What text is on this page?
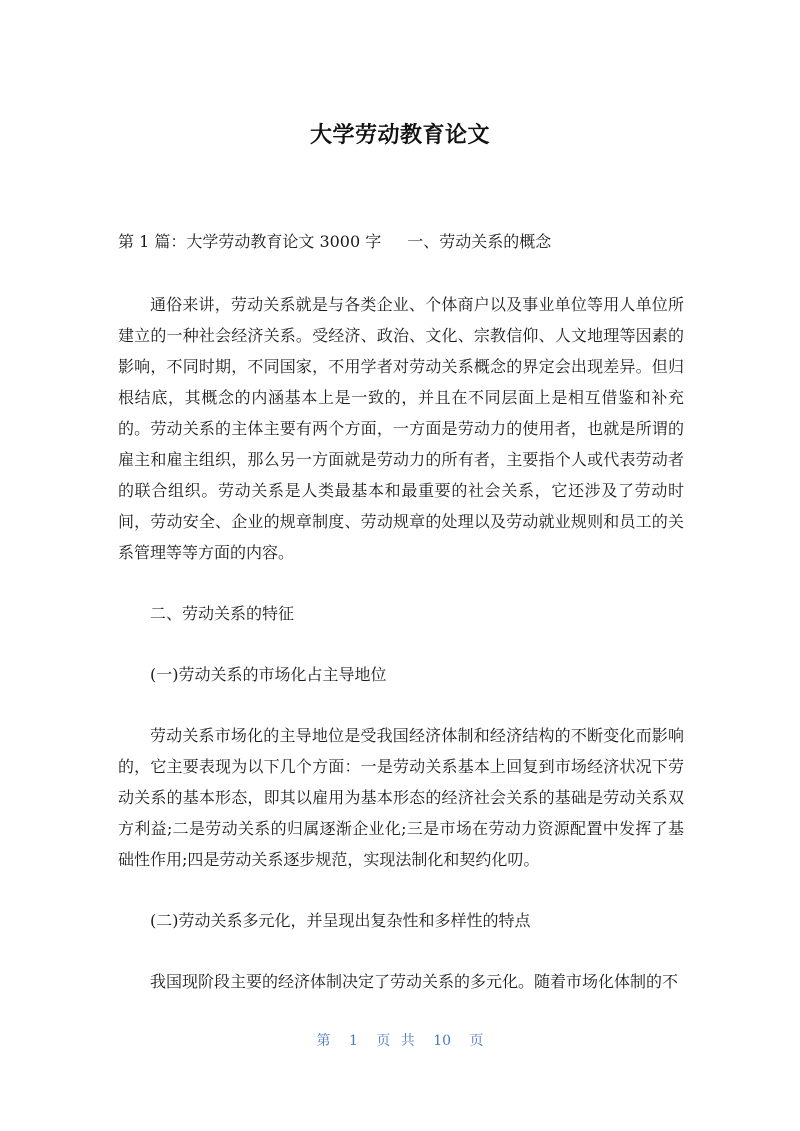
大学劳动教育论文

第 1 篇：大学劳动教育论文 3000 字 一、劳动关系的概念

通俗来讲，劳动关系就是与各类企业、个体商户以及事业单位等用人单位所建立的一种社会经济关系。受经济、政治、文化、宗教信仰、人文地理等因素的影响，不同时期，不同国家，不用学者对劳动关系概念的界定会出现差异。但归根结底，其概念的内涵基本上是一致的，并且在不同层面上是相互借鉴和补充的。劳动关系的主体主要有两个方面，一方面是劳动力的使用者，也就是所谓的雇主和雇主组织，那么另一方面就是劳动力的所有者，主要指个人或代表劳动者的联合组织。劳动关系是人类最基本和最重要的社会关系，它还涉及了劳动时间，劳动安全、企业的规章制度、劳动规章的处理以及劳动就业规则和员工的关系管理等等方面的内容。

二、劳动关系的特征

(一)劳动关系的市场化占主导地位

劳动关系市场化的主导地位是受我国经济体制和经济结构的不断变化而影响的，它主要表现为以下几个方面：一是劳动关系基本上回复到市场经济状况下劳动关系的基本形态，即其以雇用为基本形态的经济社会关系的基础是劳动关系双方利益;二是劳动关系的归属逐渐企业化;三是市场在劳动力资源配置中发挥了基础性作用;四是劳动关系逐步规范，实现法制化和契约化叨。

(二)劳动关系多元化，并呈现出复杂性和多样性的特点

我国现阶段主要的经济体制决定了劳动关系的多元化。随着市场化体制的不

第 1 页 共 10 页
